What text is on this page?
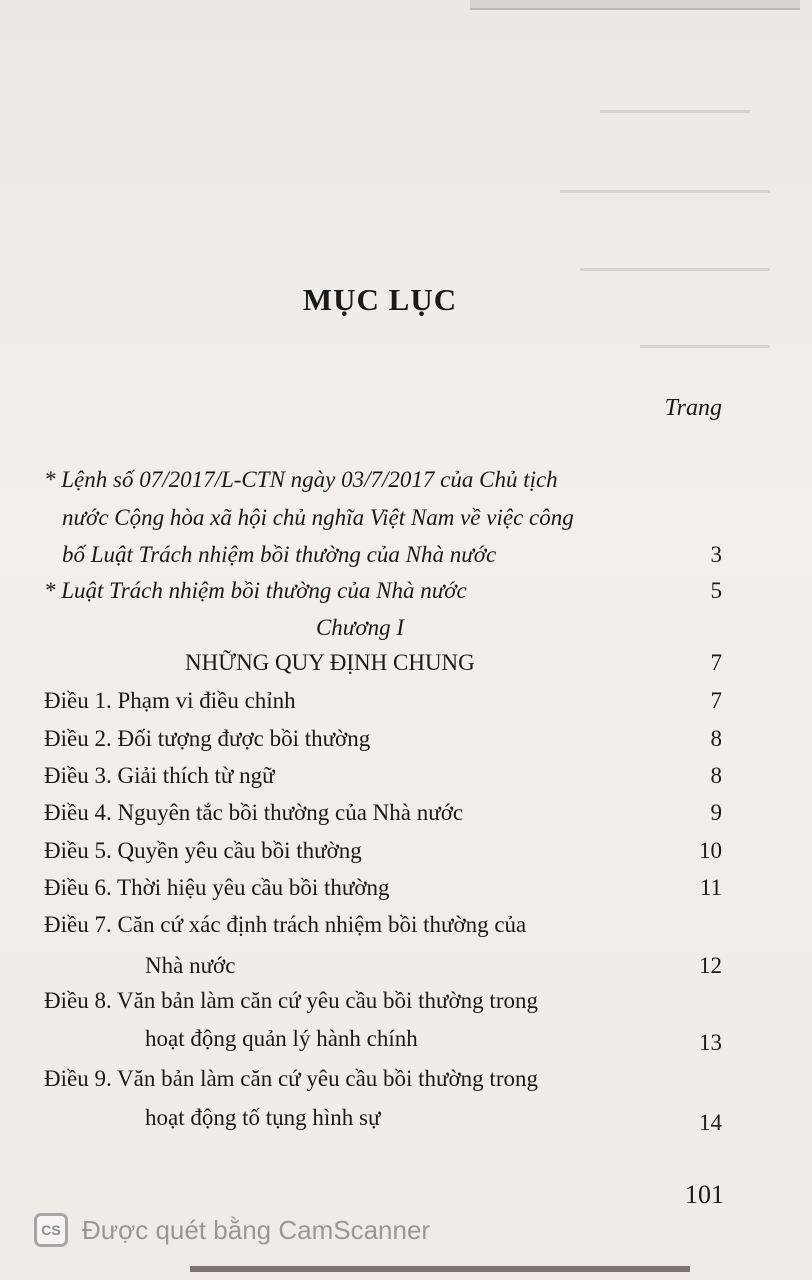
MỤC LỤC
Trang
* Lệnh số 07/2017/L-CTN ngày 03/7/2017 của Chủ tịch
nước Cộng hòa xã hội chủ nghĩa Việt Nam về việc công
bố Luật Trách nhiệm bồi thường của Nhà nước	3
* Luật Trách nhiệm bồi thường của Nhà nước	5
Chương I
NHỮNG QUY ĐỊNH CHUNG	7
Điều 1. Phạm vi điều chỉnh	7
Điều 2. Đối tượng được bồi thường	8
Điều 3. Giải thích từ ngữ	8
Điều 4. Nguyên tắc bồi thường của Nhà nước	9
Điều 5. Quyền yêu cầu bồi thường	10
Điều 6. Thời hiệu yêu cầu bồi thường	11
Điều 7. Căn cứ xác định trách nhiệm bồi thường của
Nhà nước	12
Điều 8. Văn bản làm căn cứ yêu cầu bồi thường trong
hoạt động quản lý hành chính	13
Điều 9. Văn bản làm căn cứ yêu cầu bồi thường trong
hoạt động tố tụng hình sự	14
101
CS Được quét bằng CamScanner
